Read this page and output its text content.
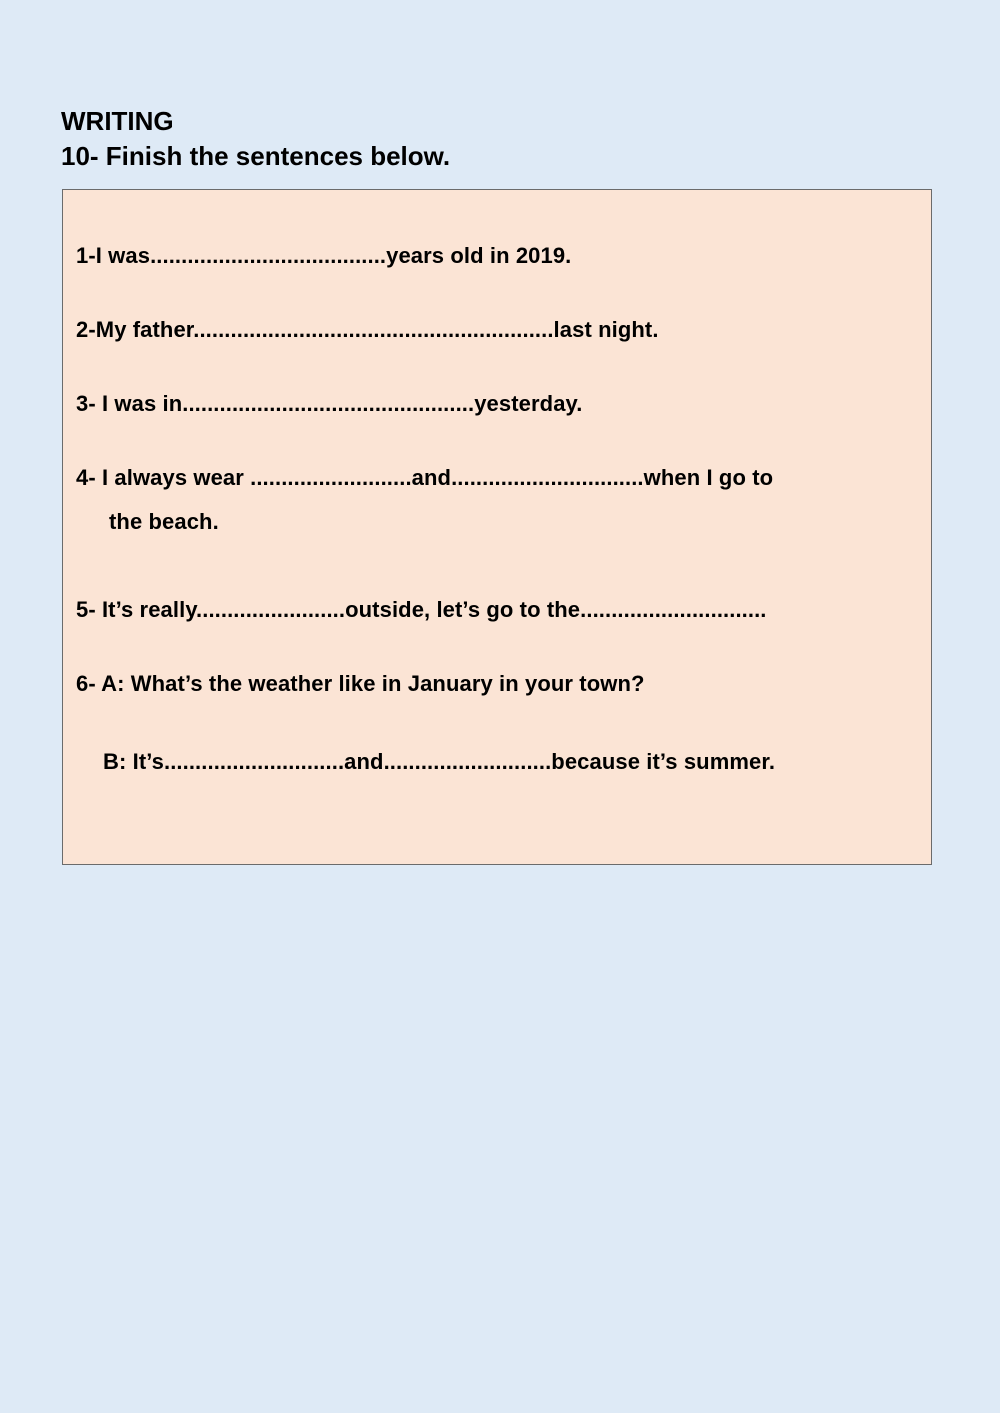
WRITING
10- Finish the sentences below.
1-I was......................................years old in 2019.
2-My father..........................................................last night.
3- I was in...............................................yesterday.
4- I always wear ..........................and...............................when I go to
the beach.
5- It’s really........................outside, let’s go to the..............................
6- A: What’s the weather like in January in your town?
B: It’s.............................and...........................because it’s summer.
